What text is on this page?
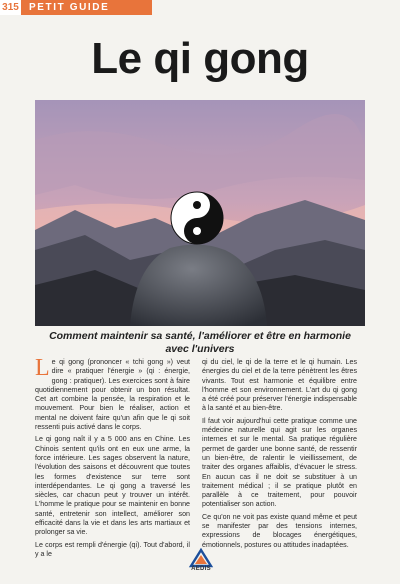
315	PETIT GUIDE
Le qi gong
Comment maintenir sa santé, l'améliorer et être en harmonie avec l'univers

Le qi gong (prononcer « tchi gong ») veut dire « pratiquer l'énergie » (qi : énergie, gong : pratiquer). Les exercices sont à faire quotidiennement pour obtenir un bon résultat. Cet art combine la pensée, la respiration et le mouvement. Pour bien le réaliser, action et mental ne doivent faire qu'un afin que le qi soit ressenti puis activé dans le corps.

Le qi gong naît il y a 5 000 ans en Chine. Les Chinois sentent qu'ils ont en eux une arme, la force intérieure. Les sages observent la nature, l'évolution des saisons et découvrent que toutes les formes d'existence sur terre sont interdépendantes. Le qi gong a traversé les siècles, car chacun peut y trouver un intérêt. L'homme le pratique pour se maintenir en bonne santé, entretenir son intellect, améliorer son efficacité dans la vie et dans les arts martiaux et prolonger sa vie.

Le corps est rempli d'énergie (qi). Tout d'abord, il y a le

qi du ciel, le qi de la terre et le qi humain. Les énergies du ciel et de la terre pénètrent les êtres vivants. Tout est harmonie et équilibre entre l'homme et son environnement. L'art du qi gong a été créé pour préserver l'énergie indispensable à la santé et au bien-être.

Il faut voir aujourd'hui cette pratique comme une médecine naturelle qui agit sur les organes internes et sur le mental. Sa pratique régulière permet de garder une bonne santé, de ressentir un bien-être, de ralentir le vieillissement, de traiter des organes affaiblis, d'évacuer le stress. En aucun cas il ne doit se substituer à un traitement médical ; il se pratique plutôt en parallèle à ce traitement, pour pouvoir potentialiser son action.

Ce qu'on ne voit pas existe quand même et peut se manifester par des tensions internes, expressions de blocages énergétiques, émotionnels, postures ou attitudes inadaptées.

AEDIS
